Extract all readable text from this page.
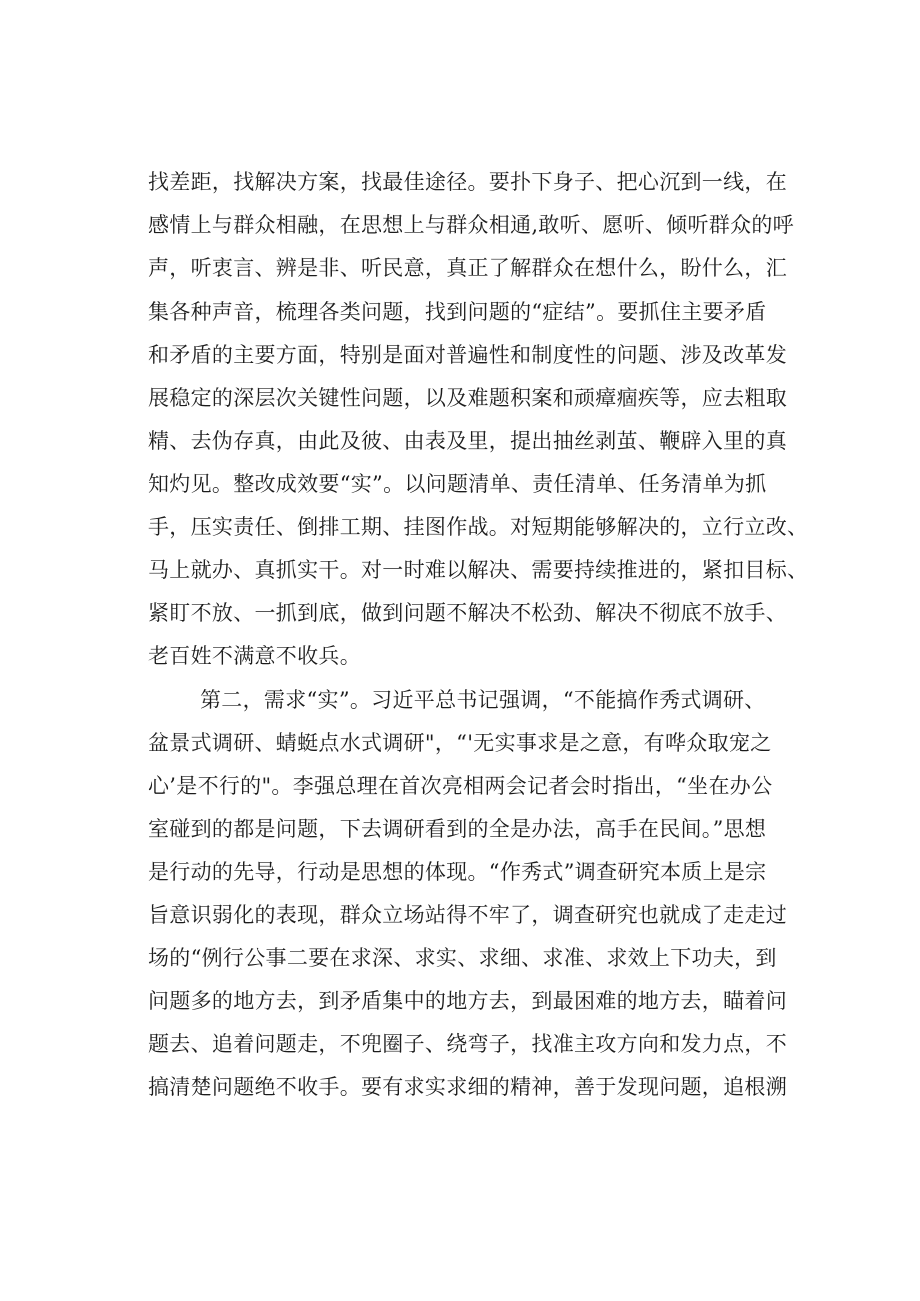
找差距，找解决方案，找最佳途径。要扑下身子、把心沉到一线，在
感情上与群众相融，在思想上与群众相通,敢听、愿听、倾听群众的呼
声，听衷言、辨是非、听民意，真正了解群众在想什么，盼什么，汇
集各种声音，梳理各类问题，找到问题的“症结”。要抓住主要矛盾
和矛盾的主要方面，特别是面对普遍性和制度性的问题、涉及改革发
展稳定的深层次关键性问题，以及难题积案和顽瘴痼疾等，应去粗取
精、去伪存真，由此及彼、由表及里，提出抽丝剥茧、鞭辟入里的真
知灼见。整改成效要“实”。以问题清单、责任清单、任务清单为抓
手，压实责任、倒排工期、挂图作战。对短期能够解决的，立行立改、
马上就办、真抓实干。对一时难以解决、需要持续推进的，紧扣目标、
紧盯不放、一抓到底，做到问题不解决不松劲、解决不彻底不放手、
老百姓不满意不收兵。
第二，需求“实”。习近平总书记强调，“不能搞作秀式调研、
盆景式调研、蜻蜓点水式调研"，“'无实事求是之意，有哗众取宠之
心’是不行的"。李强总理在首次亮相两会记者会时指出，“坐在办公
室碰到的都是问题，下去调研看到的全是办法，高手在民间。”思想
是行动的先导，行动是思想的体现。“作秀式”调查研究本质上是宗
旨意识弱化的表现，群众立场站得不牢了，调查研究也就成了走走过
场的“例行公事二要在求深、求实、求细、求准、求效上下功夫，到
问题多的地方去，到矛盾集中的地方去，到最困难的地方去，瞄着问
题去、追着问题走，不兜圈子、绕弯子，找准主攻方向和发力点，不
搞清楚问题绝不收手。要有求实求细的精神，善于发现问题，追根溯
